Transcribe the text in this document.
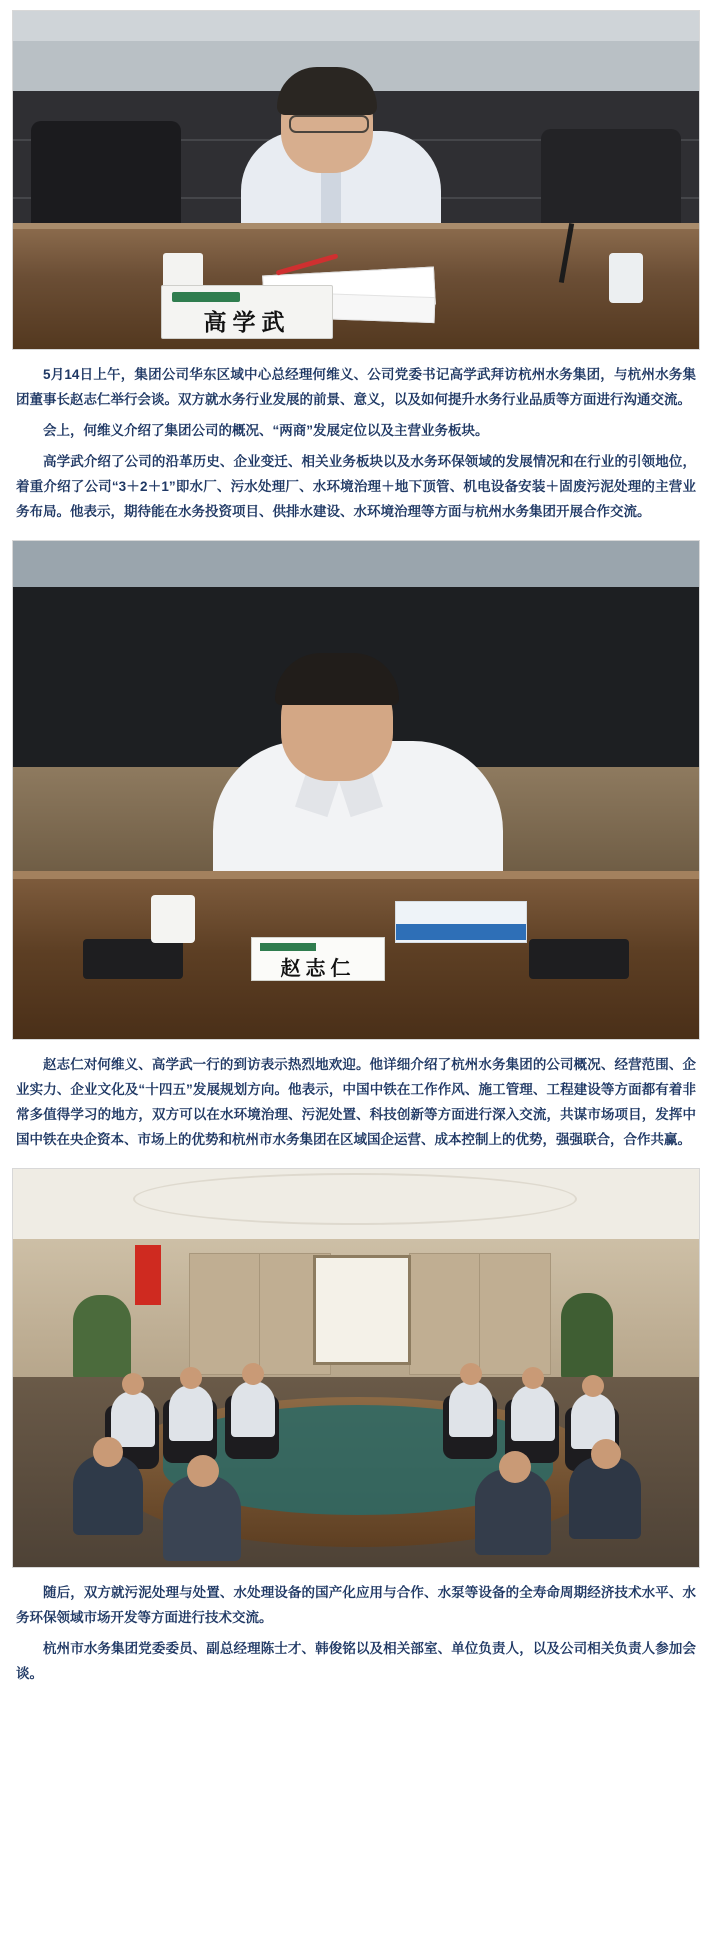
高学武

5月14日上午，集团公司华东区域中心总经理何维义、公司党委书记高学武拜访杭州水务集团，与杭州水务集团董事长赵志仁举行会谈。双方就水务行业发展的前景、意义，以及如何提升水务行业品质等方面进行沟通交流。

会上，何维义介绍了集团公司的概况、“两商”发展定位以及主营业务板块。

高学武介绍了公司的沿革历史、企业变迁、相关业务板块以及水务环保领域的发展情况和在行业的引领地位，着重介绍了公司“3＋2＋1”即水厂、污水处理厂、水环境治理＋地下顶管、机电设备安装＋固废污泥处理的主营业务布局。他表示，期待能在水务投资项目、供排水建设、水环境治理等方面与杭州水务集团开展合作交流。

赵志仁

赵志仁对何维义、高学武一行的到访表示热烈地欢迎。他详细介绍了杭州水务集团的公司概况、经营范围、企业实力、企业文化及“十四五”发展规划方向。他表示，中国中铁在工作作风、施工管理、工程建设等方面都有着非常多值得学习的地方，双方可以在水环境治理、污泥处置、科技创新等方面进行深入交流，共谋市场项目，发挥中国中铁在央企资本、市场上的优势和杭州市水务集团在区域国企运营、成本控制上的优势，强强联合，合作共赢。

随后，双方就污泥处理与处置、水处理设备的国产化应用与合作、水泵等设备的全寿命周期经济技术水平、水务环保领域市场开发等方面进行技术交流。

杭州市水务集团党委委员、副总经理陈士才、韩俊铭以及相关部室、单位负责人，以及公司相关负责人参加会谈。
